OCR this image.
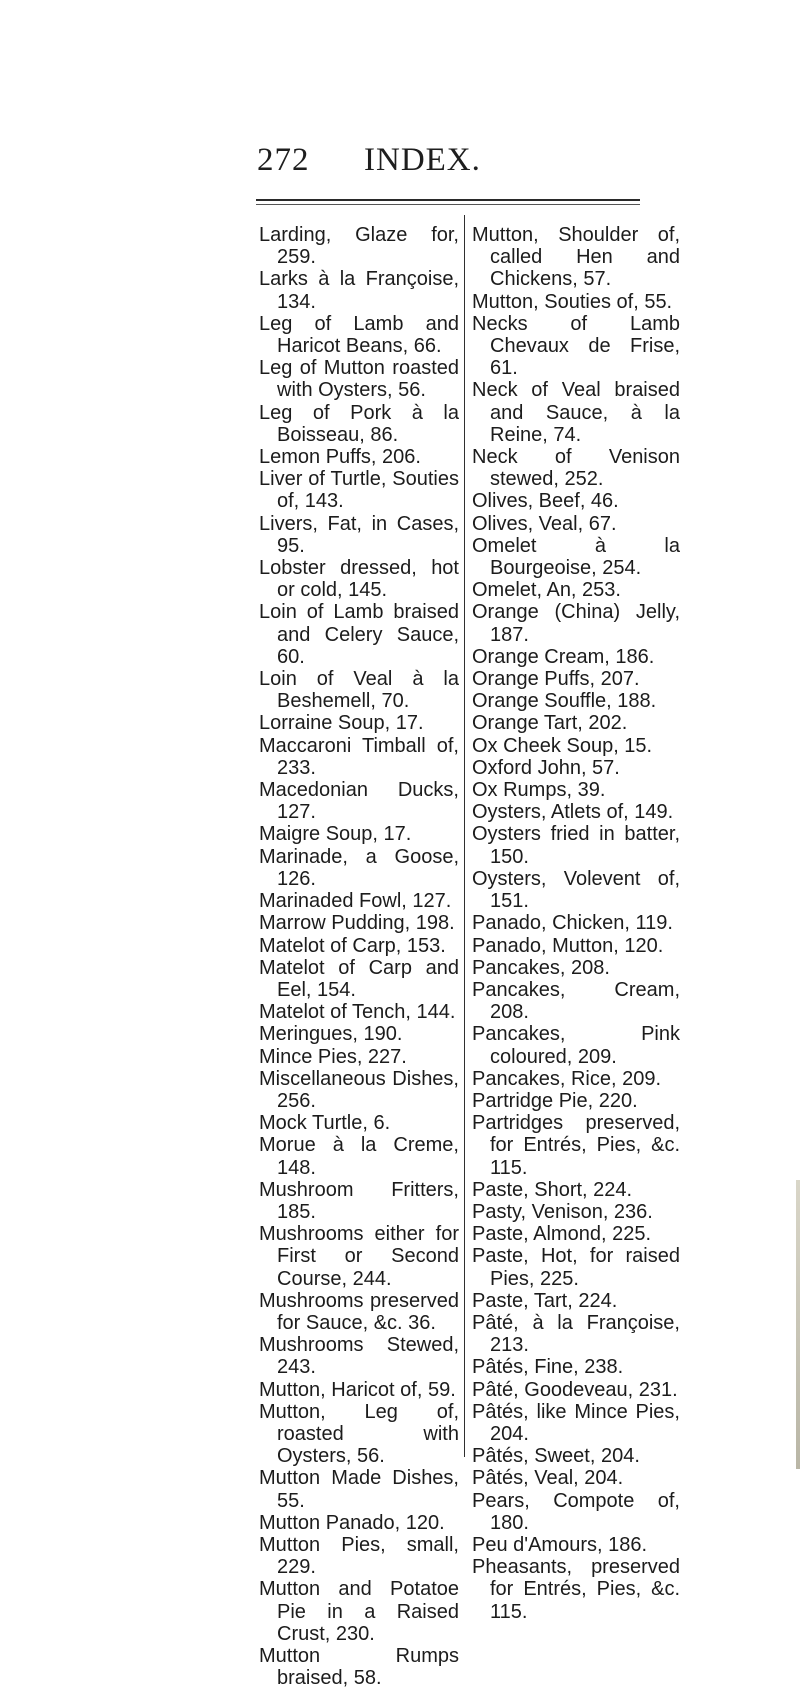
272 INDEX.

Larding, Glaze for, 259.

Larks à la Françoise, 134.

Leg of Lamb and Haricot Beans, 66.

Leg of Mutton roasted with Oysters, 56.

Leg of Pork à la Boisseau, 86.

Lemon Puffs, 206.

Liver of Turtle, Souties of, 143.

Livers, Fat, in Cases, 95.

Lobster dressed, hot or cold, 145.

Loin of Lamb braised and Celery Sauce, 60.

Loin of Veal à la Beshemell, 70.

Lorraine Soup, 17.

Maccaroni Timball of, 233.

Macedonian Ducks, 127.

Maigre Soup, 17.

Marinade, a Goose, 126.

Marinaded Fowl, 127.

Marrow Pudding, 198.

Matelot of Carp, 153.

Matelot of Carp and Eel, 154.

Matelot of Tench, 144.

Meringues, 190.

Mince Pies, 227.

Miscellaneous Dishes, 256.

Mock Turtle, 6.

Morue à la Creme, 148.

Mushroom Fritters, 185.

Mushrooms either for First or Second Course, 244.

Mushrooms preserved for Sauce, &c. 36.

Mushrooms Stewed, 243.

Mutton, Haricot of, 59.

Mutton, Leg of, roasted with Oysters, 56.

Mutton Made Dishes, 55.

Mutton Panado, 120.

Mutton Pies, small, 229.

Mutton and Potatoe Pie in a Raised Crust, 230.

Mutton Rumps braised, 58.

Mutton, Shoulder of, called Hen and Chickens, 57.

Mutton, Souties of, 55.

Necks of Lamb Chevaux de Frise, 61.

Neck of Veal braised and Sauce, à la Reine, 74.

Neck of Venison stewed, 252.

Olives, Beef, 46.

Olives, Veal, 67.

Omelet à la Bourgeoise, 254.

Omelet, An, 253.

Orange (China) Jelly, 187.

Orange Cream, 186.

Orange Puffs, 207.

Orange Souffle, 188.

Orange Tart, 202.

Ox Cheek Soup, 15.

Oxford John, 57.

Ox Rumps, 39.

Oysters, Atlets of, 149.

Oysters fried in batter, 150.

Oysters, Volevent of, 151.

Panado, Chicken, 119.

Panado, Mutton, 120.

Pancakes, 208.

Pancakes, Cream, 208.

Pancakes, Pink coloured, 209.

Pancakes, Rice, 209.

Partridge Pie, 220.

Partridges preserved, for Entrés, Pies, &c. 115.

Paste, Short, 224.

Pasty, Venison, 236.

Paste, Almond, 225.

Paste, Hot, for raised Pies, 225.

Paste, Tart, 224.

Pâté, à la Françoise, 213.

Pâtés, Fine, 238.

Pâté, Goodeveau, 231.

Pâtés, like Mince Pies, 204.

Pâtés, Sweet, 204.

Pâtés, Veal, 204.

Pears, Compote of, 180.

Peu d'Amours, 186.

Pheasants, preserved for Entrés, Pies, &c. 115.
